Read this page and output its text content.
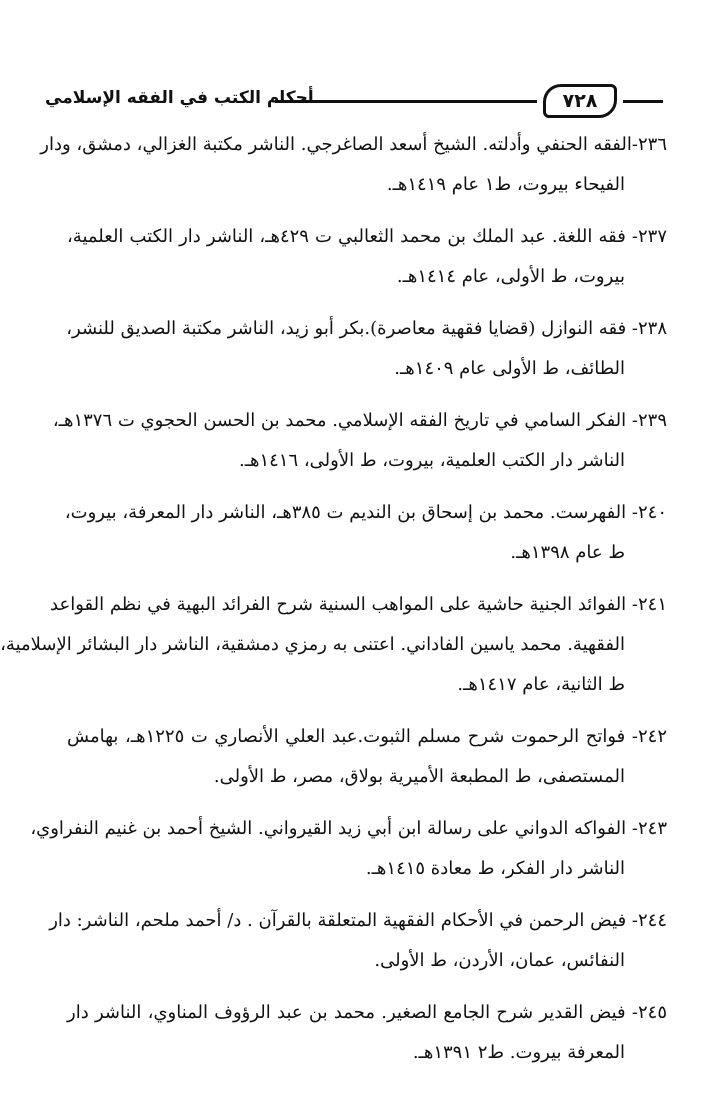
٧٢٨
أحكام الكتب في الفقه الإسلامي
٢٣٦-الفقه الحنفي وأدلته. الشيخ أسعد الصاغرجي. الناشر مكتبة الغزالي، دمشق، ودار
الفيحاء بيروت، ط١ عام ١٤١٩هـ.
٢٣٧- فقه اللغة. عبد الملك بن محمد الثعالبي ت ٤٢٩هـ، الناشر دار الكتب العلمية،
بيروت، ط الأولى، عام ١٤١٤هـ.
٢٣٨- فقه النوازل (قضايا فقهية معاصرة).بكر أبو زيد، الناشر مكتبة الصديق للنشر،
الطائف، ط الأولى عام ١٤٠٩هـ.
٢٣٩- الفكر السامي في تاريخ الفقه الإسلامي. محمد بن الحسن الحجوي ت ١٣٧٦هـ،
الناشر دار الكتب العلمية، بيروت، ط الأولى، ١٤١٦هـ.
٢٤٠- الفهرست. محمد بن إسحاق بن النديم ت ٣٨٥هـ، الناشر دار المعرفة، بيروت،
ط عام ١٣٩٨هـ.
٢٤١- الفوائد الجنية حاشية على المواهب السنية شرح الفرائد البهية في نظم القواعد
الفقهية. محمد ياسين الفاداني. اعتنى به رمزي دمشقية، الناشر دار البشائر الإسلامية،
ط الثانية، عام ١٤١٧هـ.
٢٤٢- فواتح الرحموت شرح مسلم الثبوت.عبد العلي الأنصاري ت ١٢٢٥هـ، بهامش
المستصفى، ط المطبعة الأميرية بولاق، مصر، ط الأولى.
٢٤٣- الفواكه الدواني على رسالة ابن أبي زيد القيرواني. الشيخ أحمد بن غنيم النفراوي،
الناشر دار الفكر، ط معادة ١٤١٥هـ.
٢٤٤- فيض الرحمن في الأحكام الفقهية المتعلقة بالقرآن . د/ أحمد ملحم، الناشر: دار
النفائس، عمان، الأردن، ط الأولى.
٢٤٥- فيض القدير شرح الجامع الصغير. محمد بن عبد الرؤوف المناوي، الناشر دار
المعرفة بيروت. ط٢ ١٣٩١هـ.
